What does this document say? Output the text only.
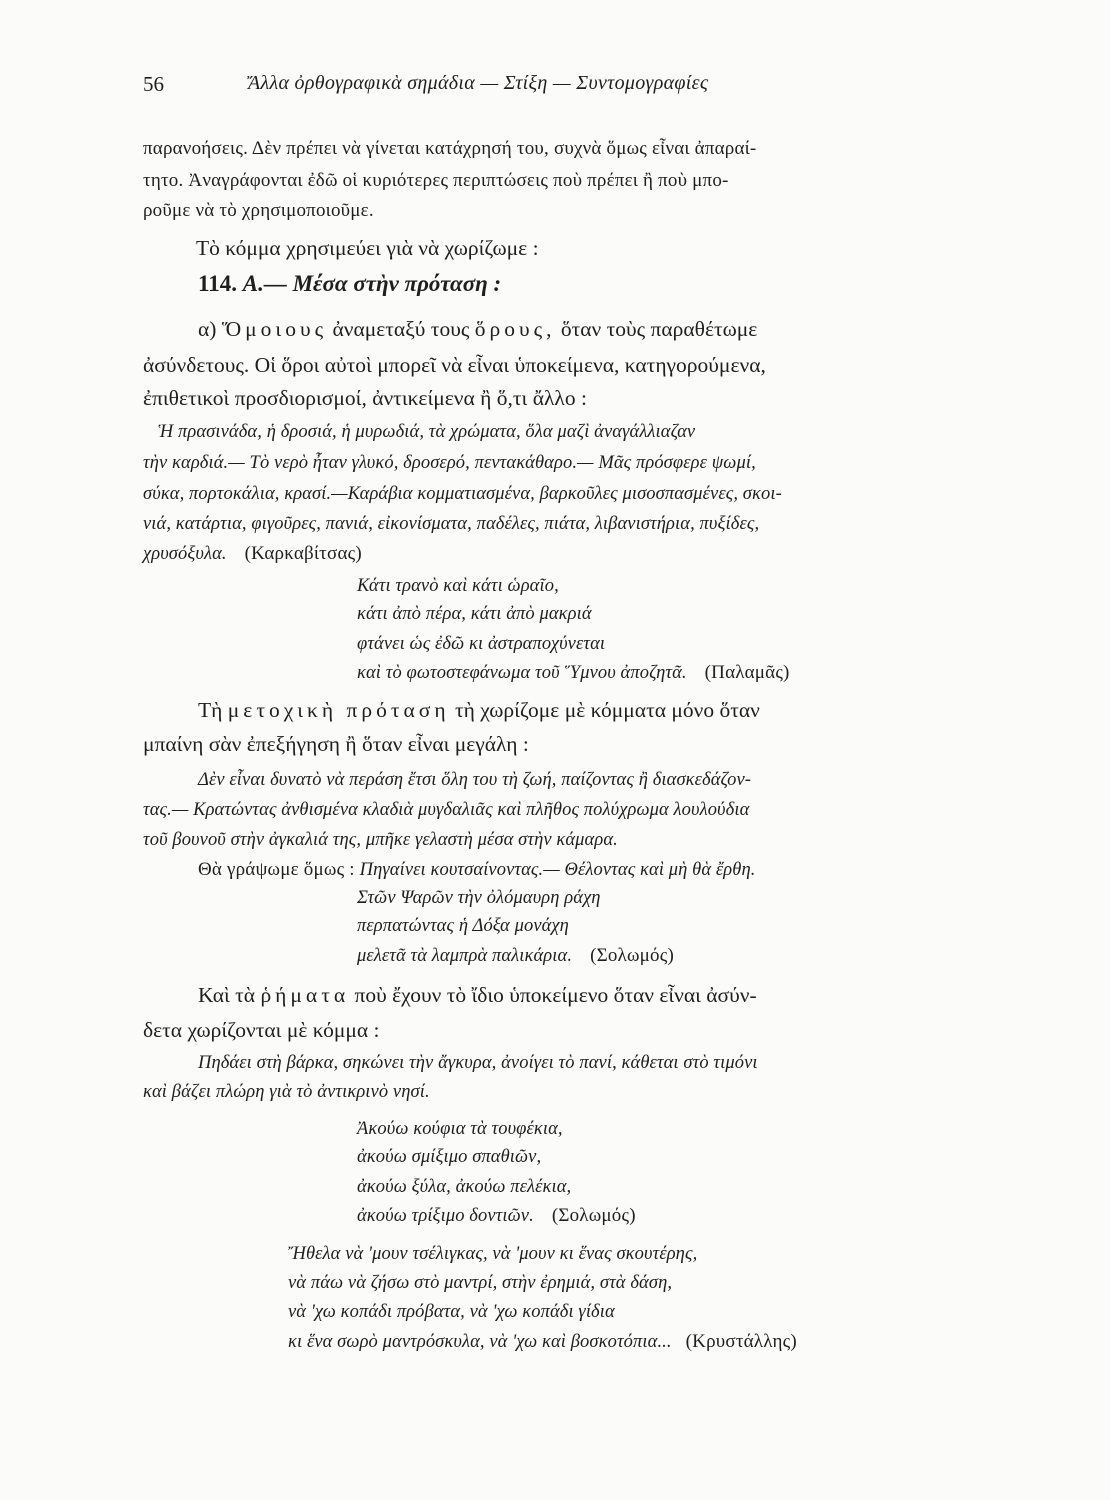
56	Ἄλλα ὀρθογραφικὰ σημάδια — Στίξη — Συντομογραφίες
παρανοήσεις. Δὲν πρέπει νὰ γίνεται κατάχρησή του, συχνὰ ὅμως εἶναι ἀπαραί-
τητο. Ἀναγράφονται ἐδῶ οἱ κυριότερες περιπτώσεις ποὺ πρέπει ἢ ποὺ μπο-
ροῦμε νὰ τὸ χρησιμοποιοῦμε.
Τὸ κόμμα χρησιμεύει γιὰ νὰ χωρίζωμε :
114. Α.— Μέσα στὴν πρόταση :
α) Ὅμοιους ἀναμεταξύ τους ὅρους, ὅταν τοὺς παραθέτωμε
ἀσύνδετους. Οἱ ὅροι αὐτοὶ μπορεῖ νὰ εἶναι ὑποκείμενα, κατηγορούμενα,
ἐπιθετικοὶ προσδιορισμοί, ἀντικείμενα ἢ ὅ,τι ἄλλο :
Ἡ πρασινάδα, ἡ δροσιά, ἡ μυρωδιά, τὰ χρώματα, ὅλα μαζὶ ἀναγάλλιαζαν
τὴν καρδιά.— Τὸ νερὸ ἦταν γλυκό, δροσερό, πεντακάθαρο.— Μᾶς πρόσφερε ψωμί,
σύκα, πορτοκάλια, κρασί.—Καράβια κομματιασμένα, βαρκοῦλες μισοσπασμένες, σκοι-
νιά, κατάρτια, φιγοῦρες, πανιά, εἰκονίσματα, παδέλες, πιάτα, λιβανιστήρια, πυξίδες,
χρυσόξυλα. (Καρκαβίτσας)
Κάτι τρανὸ καὶ κάτι ὡραῖο,
κάτι ἀπὸ πέρα, κάτι ἀπὸ μακριά
φτάνει ὡς ἐδῶ κι ἀστραποχύνεται
καὶ τὸ φωτοστεφάνωμα τοῦ Ὕμνου ἀποζητᾶ. (Παλαμᾶς)
Τὴ μετοχικὴ πρόταση τὴ χωρίζομε μὲ κόμματα μόνο ὅταν
μπαίνη σὰν ἐπεξήγηση ἢ ὅταν εἶναι μεγάλη :
Δὲν εἶναι δυνατὸ νὰ περάση ἔτσι ὅλη του τὴ ζωή, παίζοντας ἢ διασκεδάζον-
τας.— Κρατώντας ἀνθισμένα κλαδιὰ μυγδαλιᾶς καὶ πλῆθος πολύχρωμα λουλούδια
τοῦ βουνοῦ στὴν ἀγκαλιά της, μπῆκε γελαστὴ μέσα στὴν κάμαρα.
Θὰ γράψωμε ὅμως : Πηγαίνει κουτσαίνοντας.— Θέλοντας καὶ μὴ θὰ ἔρθη.
Στῶν Ψαρῶν τὴν ὀλόμαυρη ράχη
περπατώντας ἡ Δόξα μονάχη
μελετᾶ τὰ λαμπρὰ παλικάρια. (Σολωμός)
Καὶ τὰ ῥήματα ποὺ ἔχουν τὸ ἴδιο ὑποκείμενο ὅταν εἶναι ἀσύν-
δετα χωρίζονται μὲ κόμμα :
Πηδάει στὴ βάρκα, σηκώνει τὴν ἄγκυρα, ἀνοίγει τὸ πανί, κάθεται στὸ τιμόνι
καὶ βάζει πλώρη γιὰ τὸ ἀντικρινὸ νησί.
Ἀκούω κούφια τὰ τουφέκια,
ἀκούω σμίξιμο σπαθιῶν,
ἀκούω ξύλα, ἀκούω πελέκια,
ἀκούω τρίξιμο δοντιῶν. (Σολωμός)
Ἤθελα νὰ 'μουν τσέλιγκας, νὰ 'μουν κι ἕνας σκουτέρης,
νὰ πάω νὰ ζήσω στὸ μαντρί, στὴν ἐρημιά, στὰ δάση,
νὰ 'χω κοπάδι πρόβατα, νὰ 'χω κοπάδι γίδια
κι ἕνα σωρὸ μαντρόσκυλα, νὰ 'χω καὶ βοσκοτόπια... (Κρυστάλλης)
